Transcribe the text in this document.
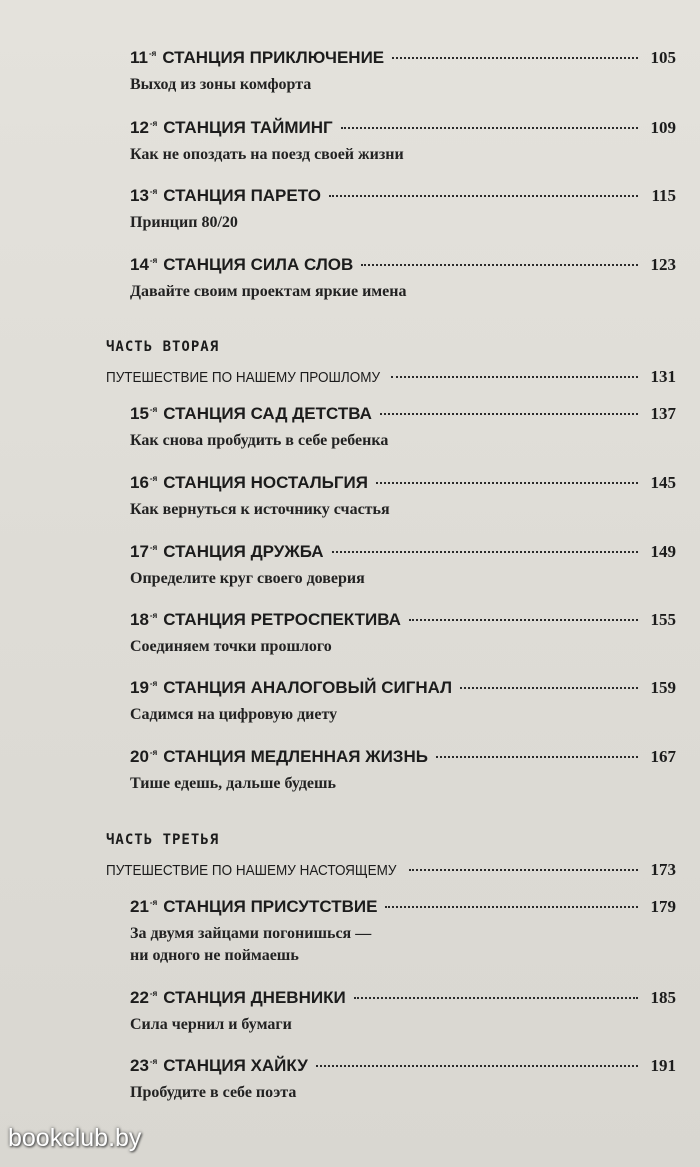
$11^{-я}$ СТАНЦИЯ ПРИКЛЮЧЕНИЕ	105
Выход из зоны комфорта
$12^{-я}$ СТАНЦИЯ ТАЙМИНГ	109
Как не опоздать на поезд своей жизни
$13^{-я}$ СТАНЦИЯ ПАРЕТО	115
Принцип 80/20
$14^{-я}$ СТАНЦИЯ СИЛА СЛОВ	123
Давайте своим проектам яркие имена
ЧАСТЬ ВТОРАЯ
ПУТЕШЕСТВИЕ ПО НАШЕМУ ПРОШЛОМУ	131
$15^{-я}$ СТАНЦИЯ САД ДЕТСТВА	137
Как снова пробудить в себе ребенка
$16^{-я}$ СТАНЦИЯ НОСТАЛЬГИЯ	145
Как вернуться к источнику счастья
$17^{-я}$ СТАНЦИЯ ДРУЖБА	149
Определите круг своего доверия
$18^{-я}$ СТАНЦИЯ РЕТРОСПЕКТИВА	155
Соединяем точки прошлого
$19^{-я}$ СТАНЦИЯ АНАЛОГОВЫЙ СИГНАЛ	159
Садимся на цифровую диету
$20^{-я}$ СТАНЦИЯ МЕДЛЕННАЯ ЖИЗНЬ	167
Тише едешь, дальше будешь
ЧАСТЬ ТРЕТЬЯ
ПУТЕШЕСТВИЕ ПО НАШЕМУ НАСТОЯЩЕМУ	173
$21^{-я}$ СТАНЦИЯ ПРИСУТСТВИЕ	179
За двумя зайцами погонишься —
ни одного не поймаешь
$22^{-я}$ СТАНЦИЯ ДНЕВНИКИ	185
Сила чернил и бумаги
$23^{-я}$ СТАНЦИЯ ХАЙКУ	191
Пробудите в себе поэта
bookclub.by
